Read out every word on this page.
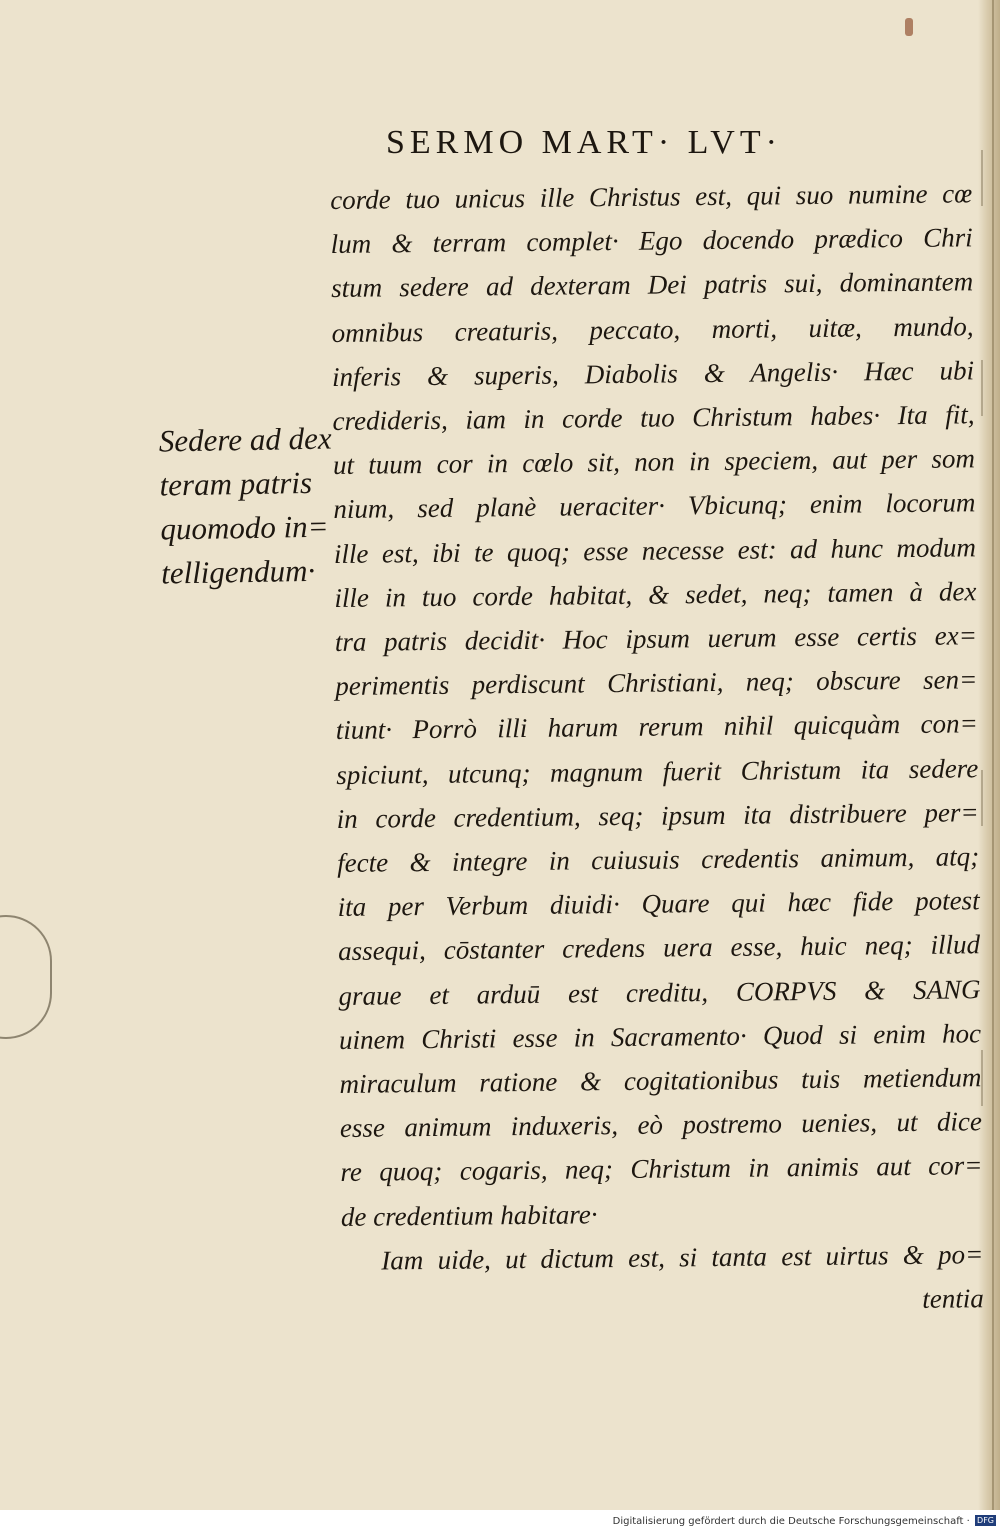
SERMO MART· LVT·
Sedere ad dex
teram patris
quomodo in=
telligendum·
corde tuo unicus ille Christus est, qui suo numine cœ
lum & terram complet· Ego docendo prædico Chri
stum sedere ad dexteram Dei patris sui, dominantem
omnibus creaturis, peccato, morti, uitæ, mundo,
inferis & superis, Diabolis & Angelis· Hæc ubi
credideris, iam in corde tuo Christum habes· Ita fit,
ut tuum cor in cœlo sit, non in speciem, aut per som
nium, sed planè ueraciter· Vbicunq; enim locorum
ille est, ibi te quoq; esse necesse est: ad hunc modum
ille in tuo corde habitat, & sedet, neq; tamen à dex
tra patris decidit· Hoc ipsum uerum esse certis ex=
perimentis perdiscunt Christiani, neq; obscure sen=
tiunt· Porrò illi harum rerum nihil quicquàm con=
spiciunt, utcunq; magnum fuerit Christum ita sedere
in corde credentium, seq; ipsum ita distribuere per=
fecte & integre in cuiusuis credentis animum, atq;
ita per Verbum diuidi· Quare qui hæc fide potest
assequi, cōstanter credens uera esse, huic neq; illud
graue et arduū est creditu, CORPVS & SANG
uinem Christi esse in Sacramento· Quod si enim hoc
miraculum ratione & cogitationibus tuis metiendum
esse animum induxeris, eò postremo uenies, ut dice
re quoq; cogaris, neq; Christum in animis aut cor=
de credentium habitare·
Iam uide, ut dictum est, si tanta est uirtus & po=
tentia
Digitalisierung gefördert durch die Deutsche Forschungsgemeinschaft · DFG
